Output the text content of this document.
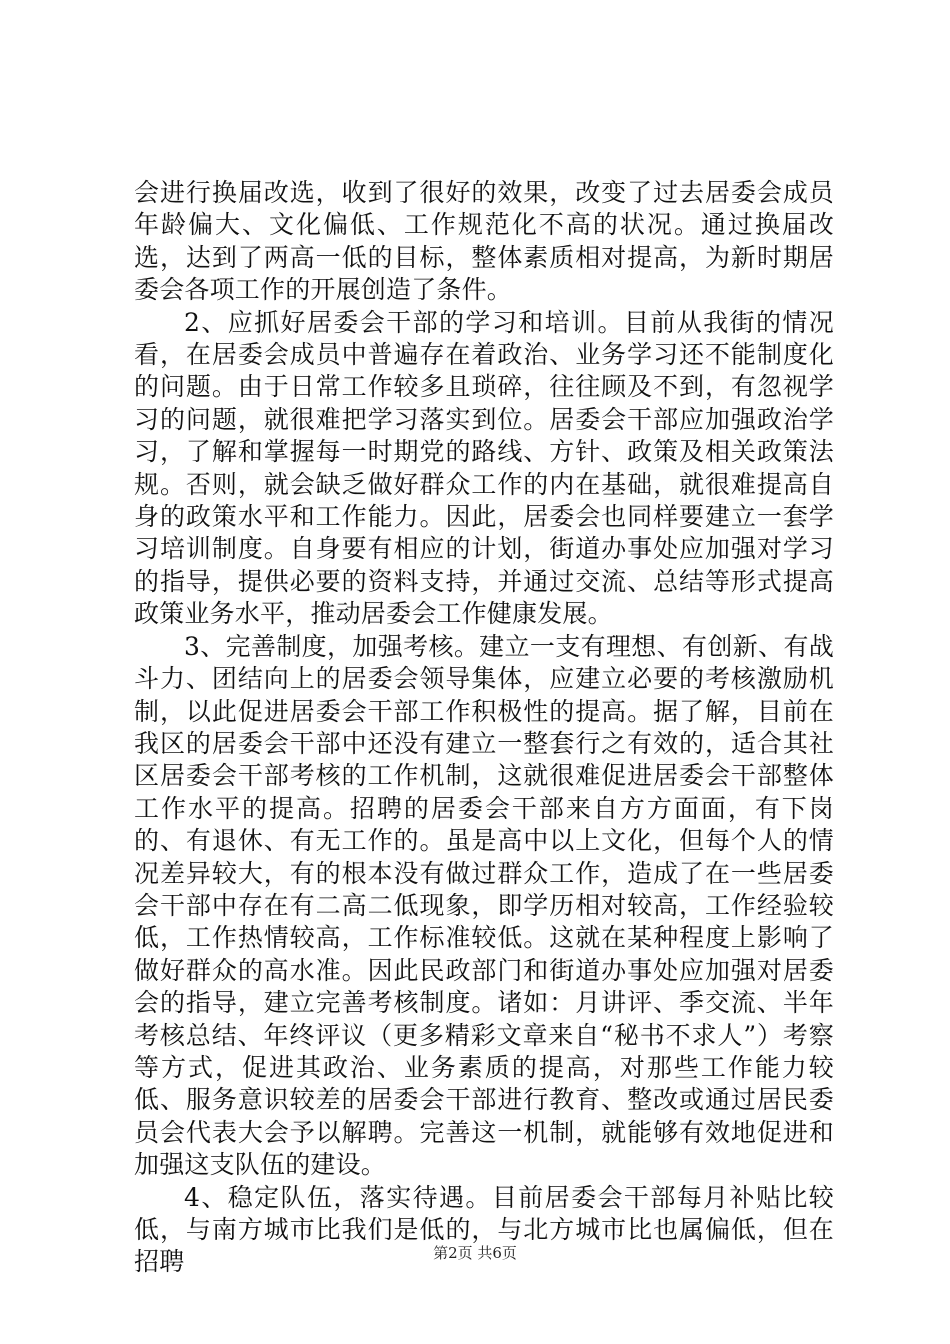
会进行换届改选，收到了很好的效果，改变了过去居委会成员年龄偏大、文化偏低、工作规范化不高的状况。通过换届改选，达到了两高一低的目标，整体素质相对提高，为新时期居委会各项工作的开展创造了条件。

2、应抓好居委会干部的学习和培训。目前从我街的情况看，在居委会成员中普遍存在着政治、业务学习还不能制度化的问题。由于日常工作较多且琐碎，往往顾及不到，有忽视学习的问题，就很难把学习落实到位。居委会干部应加强政治学习，了解和掌握每一时期党的路线、方针、政策及相关政策法规。否则，就会缺乏做好群众工作的内在基础，就很难提高自身的政策水平和工作能力。因此，居委会也同样要建立一套学习培训制度。自身要有相应的计划，街道办事处应加强对学习的指导，提供必要的资料支持，并通过交流、总结等形式提高政策业务水平，推动居委会工作健康发展。

3、完善制度，加强考核。建立一支有理想、有创新、有战斗力、团结向上的居委会领导集体，应建立必要的考核激励机制，以此促进居委会干部工作积极性的提高。据了解，目前在我区的居委会干部中还没有建立一整套行之有效的，适合其社区居委会干部考核的工作机制，这就很难促进居委会干部整体工作水平的提高。招聘的居委会干部来自方方面面，有下岗的、有退休、有无工作的。虽是高中以上文化，但每个人的情况差异较大，有的根本没有做过群众工作，造成了在一些居委会干部中存在有二高二低现象，即学历相对较高，工作经验较低，工作热情较高，工作标准较低。这就在某种程度上影响了做好群众的高水准。因此民政部门和街道办事处应加强对居委会的指导，建立完善考核制度。诸如：月讲评、季交流、半年考核总结、年终评议（更多精彩文章来自“秘书不求人”）考察等方式，促进其政治、业务素质的提高，对那些工作能力较低、服务意识较差的居委会干部进行教育、整改或通过居民委员会代表大会予以解聘。完善这一机制，就能够有效地促进和加强这支队伍的建设。

4、稳定队伍，落实待遇。目前居委会干部每月补贴比较低，与南方城市比我们是低的，与北方城市比也属偏低，但在招聘	第2页 共6页
